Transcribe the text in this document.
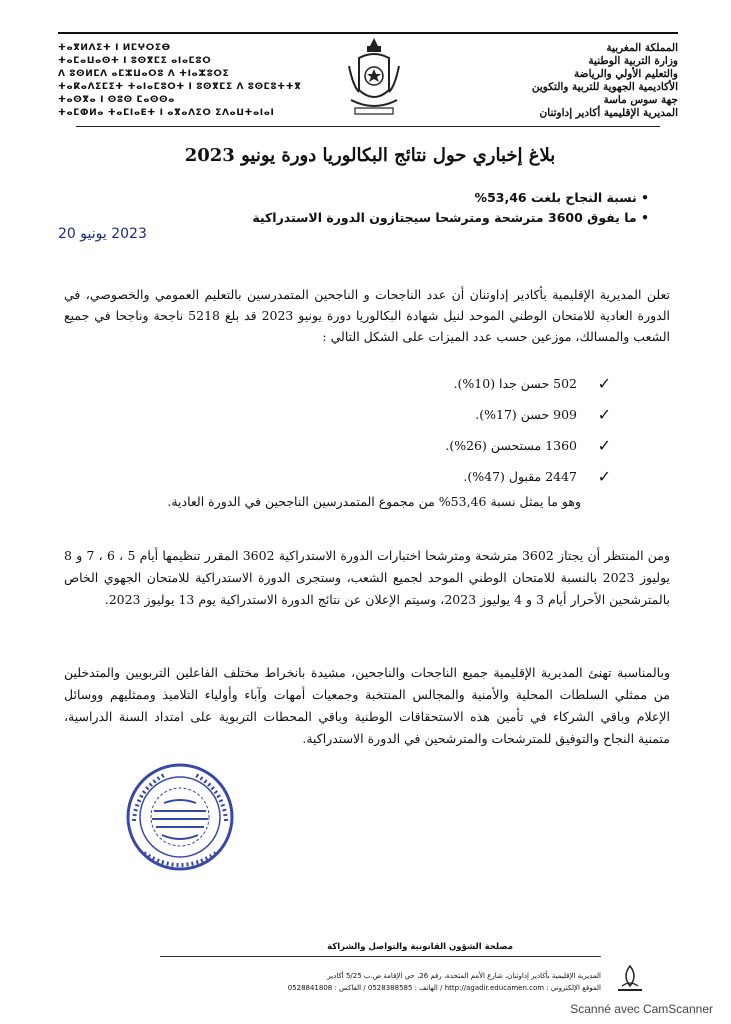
المملكة المغربية
وزارة التربية الوطنية
والتعليم الأولي والرياضة
الأكاديمية الجهوية للتربية والتكوين
جهة سوس ماسة
المديرية الإقليمية أكادير إداوتنان
ⵜⴰⴳⵍⴷⵉⵜ ⵏ ⵍⵎⵖⵔⵉⴱ
ⵜⴰⵎⴰⵡⴰⵙⵜ ⵏ ⵓⵙⴳⵎⵉ ⴰⵏⴰⵎⵓⵔ
ⴷ ⵓⵙⵍⵎⴷ ⴰⵎⵣⵡⴰⵔⵓ ⴷ ⵜⵏⴰⵣⵓⵔⵉ
ⵜⴰⴽⴰⴷⵉⵎⵉⵜ ⵜⴰⵏⴰⵎⵓⵔⵜ ⵏ ⵓⵙⴳⵎⵉ ⴷ ⵓⵙⵎⵓⵜⵜⴳ
ⵜⴰⵙⴳⴰ ⵏ ⵙⵓⵙ ⵎⴰⵙⵙⴰ
ⵜⴰⵎⵀⵍⴰ ⵜⴰⵎⵏⴰⴹⵜ ⵏ ⴰⴳⴰⴷⵉⵔ ⵉⴷⴰⵡⵜⴰⵏⴰⵏ
بلاغ إخباري حول نتائج البكالوريا دورة يونيو 2023

• نسبة النجاح بلغت 53,46%

• ما يفوق 3600 مترشحة ومترشحا سيجتازون الدورة الاستدراكية

2023 يونيو 20
تعلن المديرية الإقليمية بأكادير إداوتنان أن عدد الناجحات و الناجحين المتمدرسين بالتعليم العمومي والخصوصي، في الدورة العادية للامتحان الوطني الموحد لنيل شهادة البكالوريا دورة يونيو 2023 قد بلغ 5218 ناجحة وناجحا في جميع الشعب والمسالك، موزعين حسب عدد الميزات على الشكل التالي :
✓
502 حسن جدا (10%).
✓
909 حسن (17%).
✓
1360 مستحسن (26%).
✓
2447 مقبول (47%).
وهو ما يمثل نسبة 53,46% من مجموع المتمدرسين الناجحين في الدورة العادية.
ومن المنتظر أن يجتاز 3602 مترشحة ومترشحا اختبارات الدورة الاستدراكية 3602 المقرر تنظيمها أيام 5 ، 6 ، 7 و 8 يوليوز 2023 بالنسبة للامتحان الوطني الموحد لجميع الشعب، وستجرى الدورة الاستدراكية للامتحان الجهوي الخاص بالمترشحين الأحرار أيام 3 و 4 يوليوز 2023، وسيتم الإعلان عن نتائج الدورة الاستدراكية يوم 13 يوليوز 2023.
وبالمناسبة تهنئ المديرية الإقليمية جميع الناجحات والناجحين، مشيدة بانخراط مختلف الفاعلين التربويين والمتدخلين من ممثلي السلطات المحلية والأمنية والمجالس المنتخبة وجمعيات أمهات وآباء وأولياء التلاميذ وممثليهم ووسائل الإعلام وباقي الشركاء في تأمين هذه الاستحقاقات الوطنية وباقي المحطات التربوية على امتداد السنة الدراسية، متمنية النجاح والتوفيق للمترشحات والمترشحين في الدورة الاستدراكية.
مصلحة الشؤون القانونية والتواصل والشراكة
المديرية الإقليمية بأكادير إداوتنان، شارع الأمم المتحدة، رقم 26، حي الإقامة ص.ب 5/25 أكادير
الموقع الإلكتروني : http://agadir.educamen.com / الهاتف : 0528388585 / الفاكس : 0528841808
Scanné avec CamScanner
